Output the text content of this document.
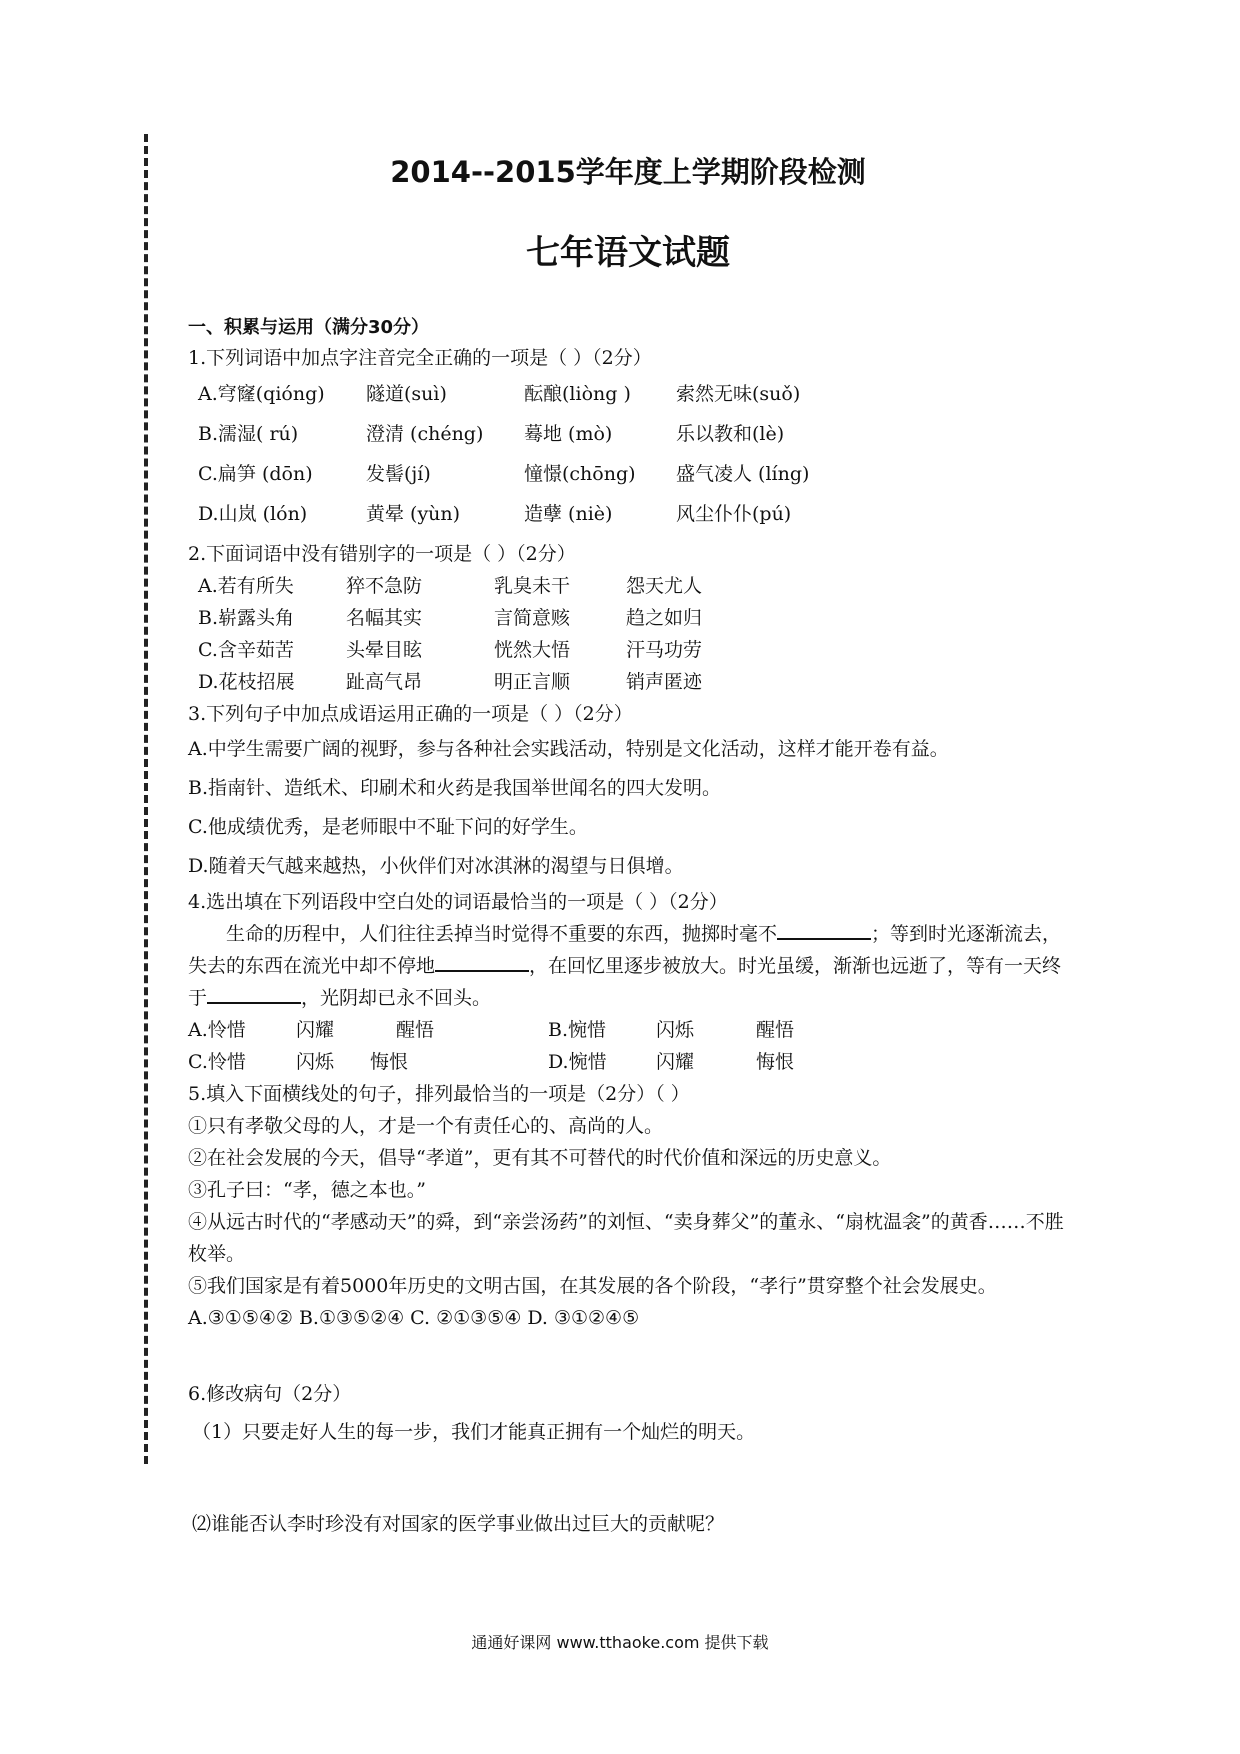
2014--2015学年度上学期阶段检测
七年语文试题
一、积累与运用（满分30分）
1.下列词语中加点字注音完全正确的一项是（ ）（2分）
A.穹窿(qióng) 隧道(suì)	酝酿(liòng ) 索然无味(suǒ)
B.濡湿( rú)	澄清 (chéng) 蓦地 (mò)	乐以教和(lè)
C.扁笋 (dōn)	发髻(jí)	憧憬(chōng) 盛气凌人 (líng)
D.山岚 (lón)	黄晕 (yùn)	造孽 (niè)	风尘仆仆(pú)
2.下面词语中没有错别字的一项是（ ）（2分）
A.若有所失	猝不急防	乳臭未干	怨天尤人
B.崭露头角	名幅其实	言简意赅	趋之如归
C.含辛茹苦	头晕目眩	恍然大悟	汗马功劳
D.花枝招展	趾高气昂	明正言顺	销声匿迹
3.下列句子中加点成语运用正确的一项是（ ）（2分）
A.中学生需要广阔的视野，参与各种社会实践活动，特别是文化活动，这样才能开卷有益。
B.指南针、造纸术、印刷术和火药是我国举世闻名的四大发明。
C.他成绩优秀，是老师眼中不耻下问的好学生。
D.随着天气越来越热，小伙伴们对冰淇淋的渴望与日俱增。
4.选出填在下列语段中空白处的词语最恰当的一项是（ ）（2分）
生命的历程中，人们往往丢掉当时觉得不重要的东西，抛掷时毫不	；等到时光逐渐流去，失去的东西在流光中却不停地	，在回忆里逐步被放大。时光虽缓，渐渐也远逝了，等有一天终于	，光阴却已永不回头。
A.怜惜	闪耀	醒悟	B.惋惜	闪烁	醒悟
C.怜惜	闪烁 悔恨	D.惋惜	闪耀	悔恨
5.填入下面横线处的句子，排列最恰当的一项是（2分）（ ）
①只有孝敬父母的人，才是一个有责任心的、高尚的人。
②在社会发展的今天，倡导“孝道”，更有其不可替代的时代价值和深远的历史意义。
③孔子曰：“孝，德之本也。”
④从远古时代的“孝感动天”的舜，到“亲尝汤药”的刘恒、“卖身葬父”的董永、“扇枕温衾”的黄香……不胜枚举。
⑤我们国家是有着5000年历史的文明古国，在其发展的各个阶段，“孝行”贯穿整个社会发展史。
A.③①⑤④② B.①③⑤②④ C. ②①③⑤④ D. ③①②④⑤
6.修改病句（2分）
（1）只要走好人生的每一步，我们才能真正拥有一个灿烂的明天。
⑵谁能否认李时珍没有对国家的医学事业做出过巨大的贡献呢？
通通好课网 www.tthaoke.com 提供下载
